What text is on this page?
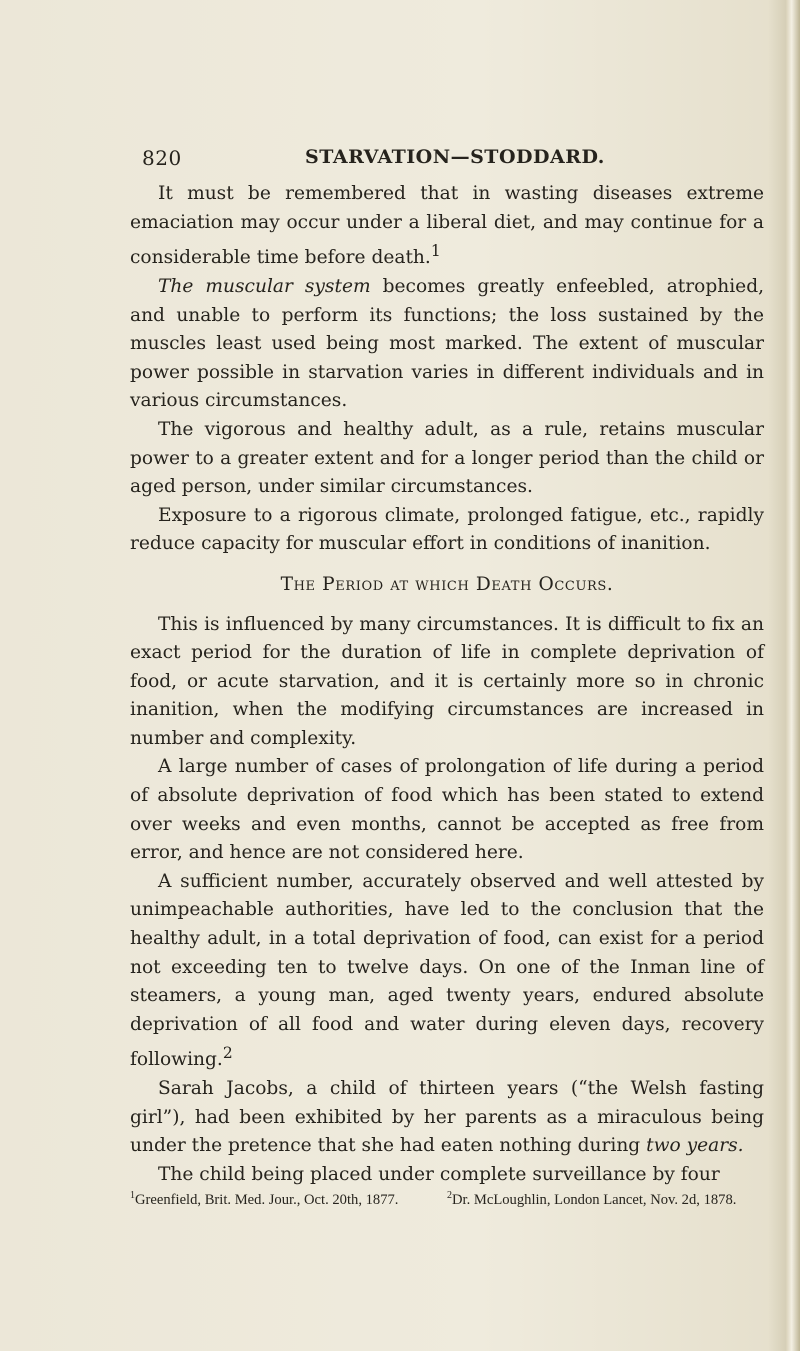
820	STARVATION—STODDARD.

It must be remembered that in wasting diseases extreme emaciation may occur under a liberal diet, and may continue for a considerable time before death.$^1$

The muscular system becomes greatly enfeebled, atrophied, and unable to perform its functions; the loss sustained by the muscles least used being most marked. The extent of muscular power possible in starvation varies in different individuals and in various circumstances.

The vigorous and healthy adult, as a rule, retains muscular power to a greater extent and for a longer period than the child or aged person, under similar circumstances.

Exposure to a rigorous climate, prolonged fatigue, etc., rapidly reduce capacity for muscular effort in conditions of inanition.

The Period at which Death Occurs.

This is influenced by many circumstances. It is difficult to fix an exact period for the duration of life in complete deprivation of food, or acute starvation, and it is certainly more so in chronic inanition, when the modifying circumstances are increased in number and complexity.

A large number of cases of prolongation of life during a period of absolute deprivation of food which has been stated to extend over weeks and even months, cannot be accepted as free from error, and hence are not considered here.

A sufficient number, accurately observed and well attested by unimpeachable authorities, have led to the conclusion that the healthy adult, in a total deprivation of food, can exist for a period not exceeding ten to twelve days. On one of the Inman line of steamers, a young man, aged twenty years, endured absolute deprivation of all food and water during eleven days, recovery following.$^2$

Sarah Jacobs, a child of thirteen years (“the Welsh fasting girl”), had been exhibited by her parents as a miraculous being under the pretence that she had eaten nothing during two years.

The child being placed under complete surveillance by four

$^1$Greenfield, Brit. Med. Jour., Oct. 20th, 1877.	$^2$Dr. McLoughlin, London Lancet, Nov. 2d, 1878.
